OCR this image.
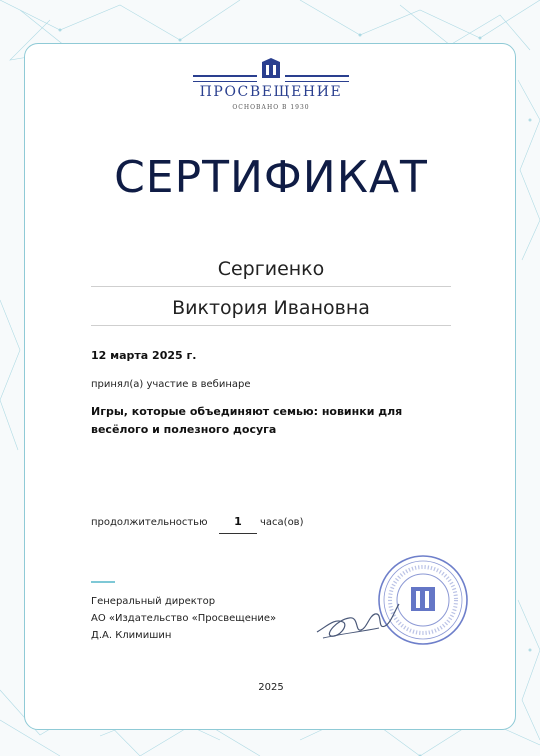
ПРОСВЕЩЕНИЕ
ОСНОВАНО В 1930
СЕРТИФИКАТ
Сергиенко
Виктория Ивановна
12 марта 2025 г.
принял(а) участие в вебинаре
Игры, которые объединяют семью: новинки для весёлого и полезного досуга
продолжительностью	1	часа(ов)
Генеральный директор
АО «Издательство «Просвещение»
Д.А. Климишин
2025
